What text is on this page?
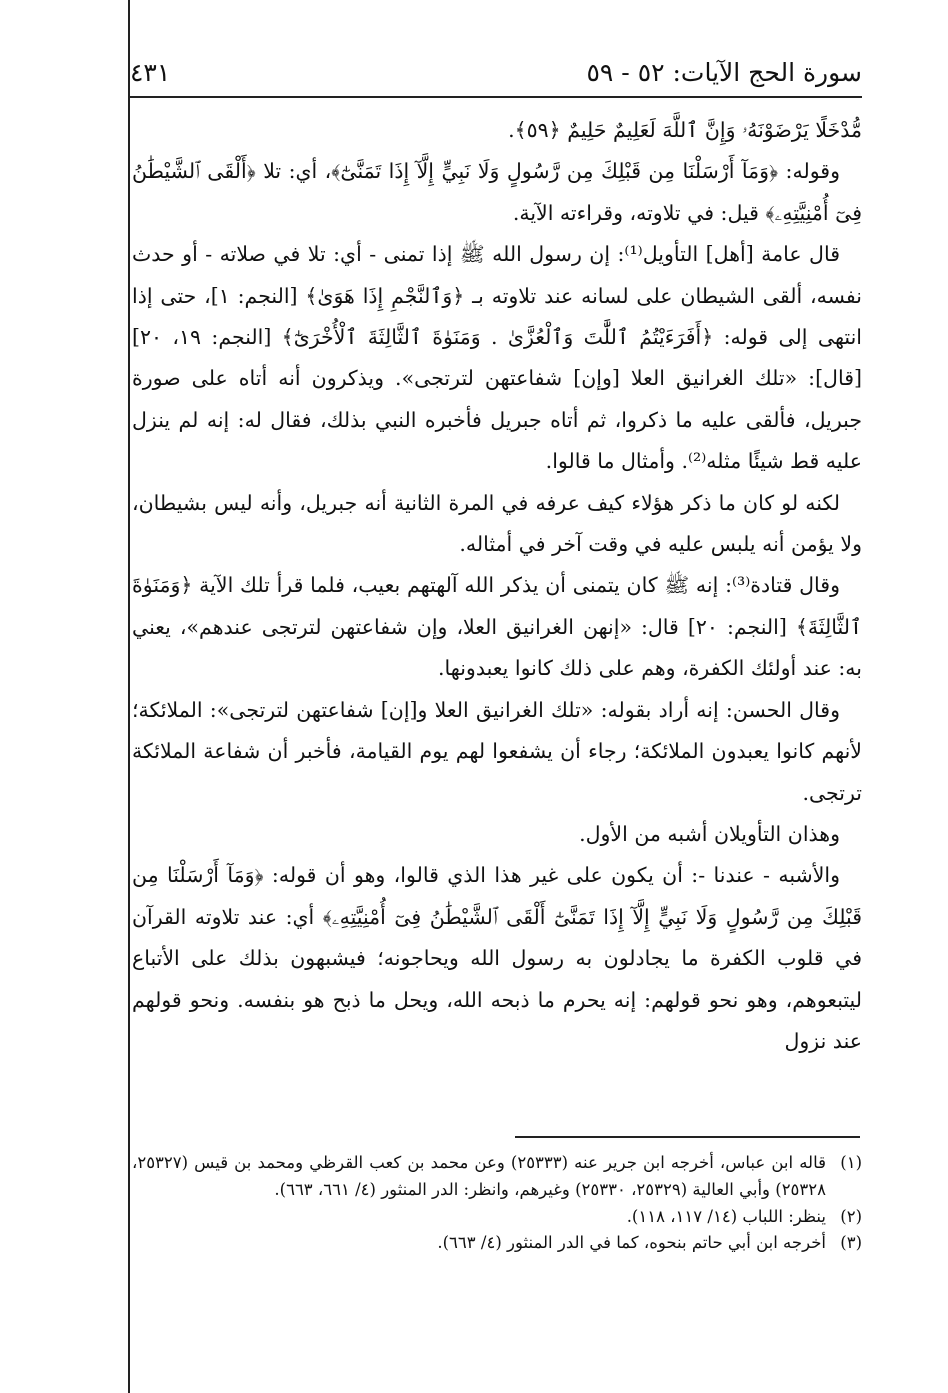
سورة الحج الآيات: ٥٢ - ٥٩
٤٣١

مُّدْخَلًا يَرْضَوْنَهُۥ وَإِنَّ ٱللَّهَ لَعَلِيمٌ حَلِيمٌ ﴿٥٩﴾.

وقوله: ﴿وَمَآ أَرْسَلْنَا مِن قَبْلِكَ مِن رَّسُولٍ وَلَا نَبِيٍّ إِلَّآ إِذَا تَمَنَّىٰٓ﴾، أي: تلا ﴿أَلْقَى ٱلشَّيْطَٰنُ فِىٓ أُمْنِيَّتِهِۦ﴾ قيل: في تلاوته، وقراءته الآية.

قال عامة [أهل] التأويل⁽¹⁾: إن رسول الله ﷺ إذا تمنى - أي: تلا في صلاته - أو حدث نفسه، ألقى الشيطان على لسانه عند تلاوته بـ ﴿وَٱلنَّجْمِ إِذَا هَوَىٰ﴾ [النجم: ١]، حتى إذا انتهى إلى قوله: ﴿أَفَرَءَيْتُمُ ٱللَّٰتَ وَٱلْعُزَّىٰ . وَمَنَوٰةَ ٱلثَّالِثَةَ ٱلْأُخْرَىٰٓ﴾ [النجم: ١٩، ٢٠] [قال]: «تلك الغرانيق العلا [وإن] شفاعتهن لترتجى». ويذكرون أنه أتاه على صورة جبريل، فألقى عليه ما ذكروا، ثم أتاه جبريل فأخبره النبي بذلك، فقال له: إنه لم ينزل عليه قط شيئًا مثله⁽²⁾. وأمثال ما قالوا.

لكنه لو كان ما ذكر هؤلاء كيف عرفه في المرة الثانية أنه جبريل، وأنه ليس بشيطان، ولا يؤمن أنه يلبس عليه في وقت آخر في أمثاله.

وقال قتادة⁽³⁾: إنه ﷺ كان يتمنى أن يذكر الله آلهتهم بعيب، فلما قرأ تلك الآية ﴿وَمَنَوٰةَ ٱلثَّالِثَةَ﴾ [النجم: ٢٠] قال: «إنهن الغرانيق العلا، وإن شفاعتهن لترتجى عندهم»، يعني به: عند أولئك الكفرة، وهم على ذلك كانوا يعبدونها.

وقال الحسن: إنه أراد بقوله: «تلك الغرانيق العلا و[إن] شفاعتهن لترتجى»: الملائكة؛ لأنهم كانوا يعبدون الملائكة؛ رجاء أن يشفعوا لهم يوم القيامة، فأخبر أن شفاعة الملائكة ترتجى.

وهذان التأويلان أشبه من الأول.

والأشبه - عندنا -: أن يكون على غير هذا الذي قالوا، وهو أن قوله: ﴿وَمَآ أَرْسَلْنَا مِن قَبْلِكَ مِن رَّسُولٍ وَلَا نَبِيٍّ إِلَّآ إِذَا تَمَنَّىٰٓ أَلْقَى ٱلشَّيْطَٰنُ فِىٓ أُمْنِيَّتِهِۦ﴾ أي: عند تلاوته القرآن في قلوب الكفرة ما يجادلون به رسول الله ويحاجونه؛ فيشبهون بذلك على الأتباع ليتبعوهم، وهو نحو قولهم: إنه يحرم ما ذبحه الله، ويحل ما ذبح هو بنفسه. ونحو قولهم عند نزول

(١)
قاله ابن عباس، أخرجه ابن جرير عنه (٢٥٣٣٣) وعن محمد بن كعب القرظي ومحمد بن قيس (٢٥٣٢٧، ٢٥٣٢٨) وأبي العالية (٢٥٣٢٩، ٢٥٣٣٠) وغيرهم، وانظر: الدر المنثور (٤/ ٦٦١، ٦٦٣).

(٢)
ينظر: اللباب (١٤/ ١١٧، ١١٨).

(٣)
أخرجه ابن أبي حاتم بنحوه، كما في الدر المنثور (٤/ ٦٦٣).
